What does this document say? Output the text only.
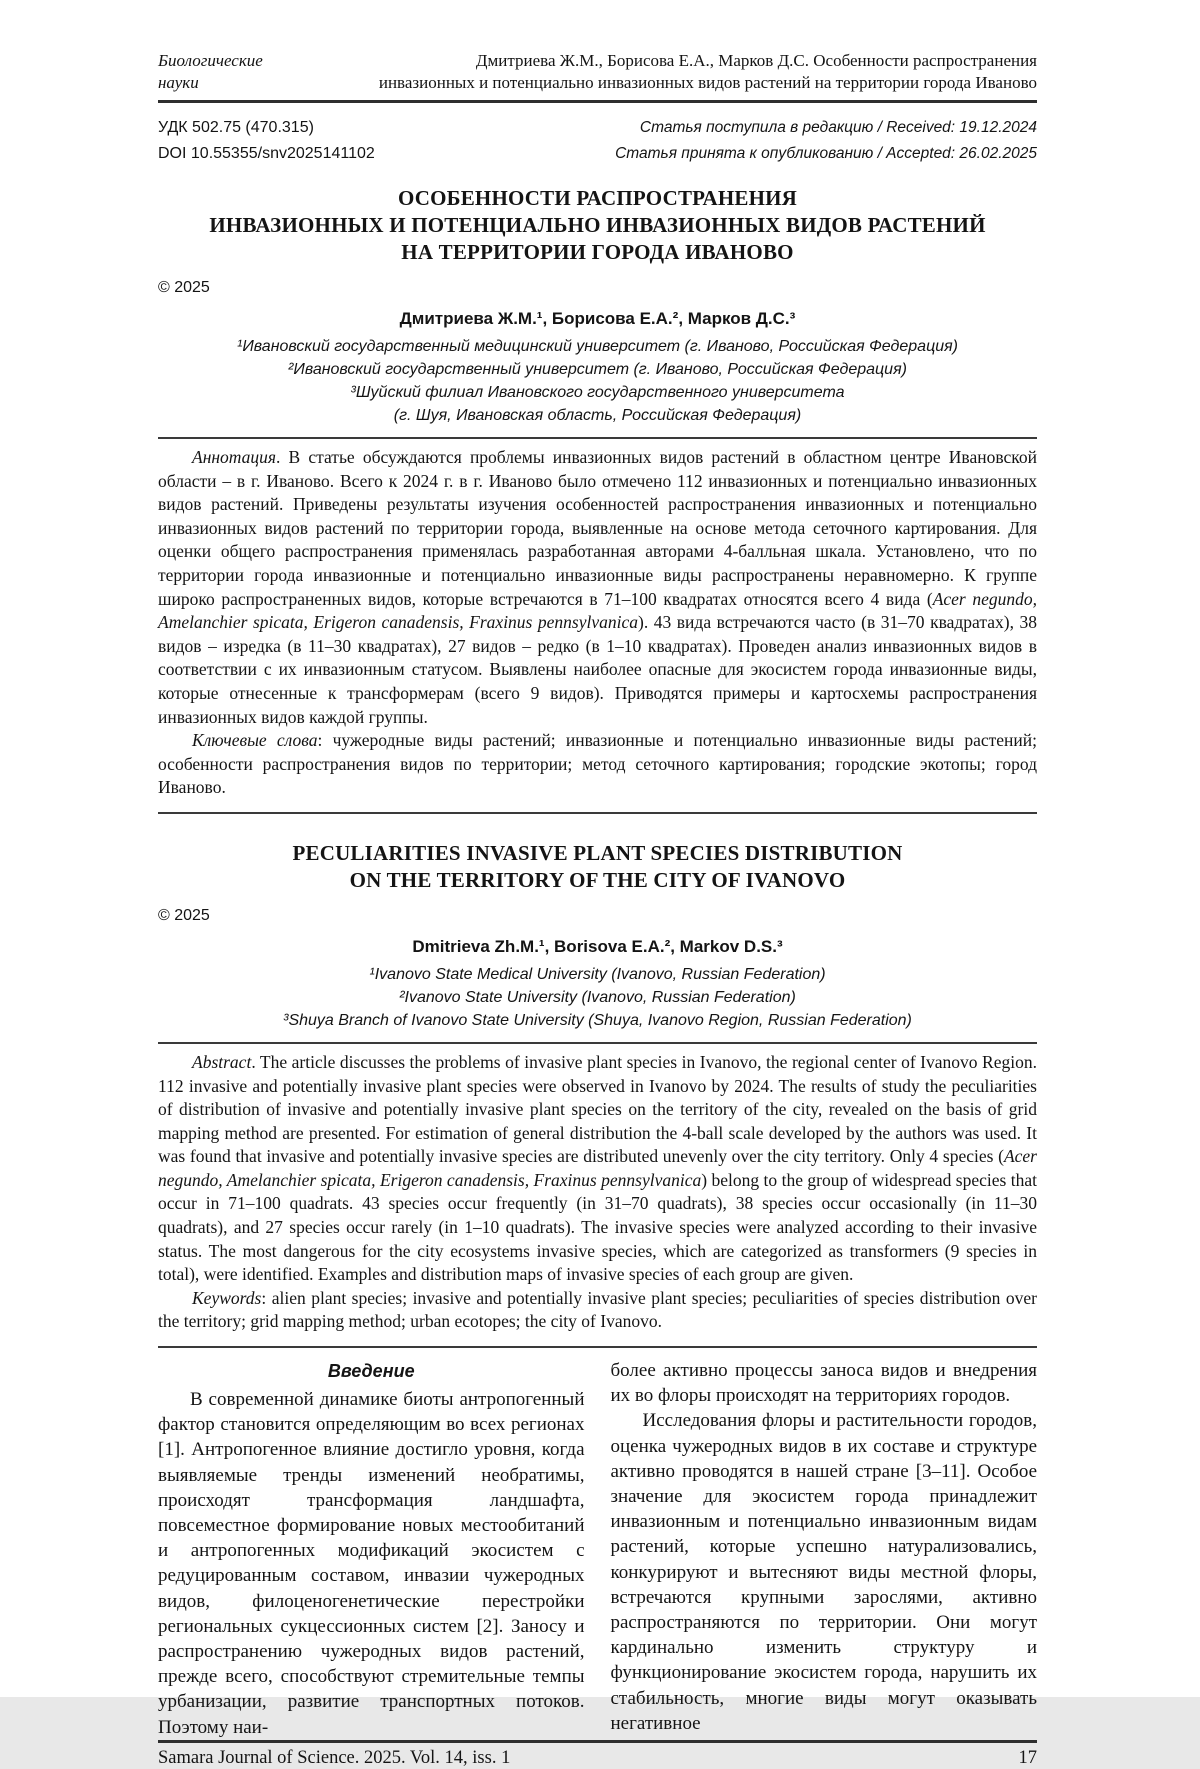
Биологические
науки
Дмитриева Ж.М., Борисова Е.А., Марков Д.С. Особенности распространения
инвазионных и потенциально инвазионных видов растений на территории города Иваново
УДК 502.75 (470.315)	Статья поступила в редакцию / Received: 19.12.2024
DOI 10.55355/snv2025141102	Статья принята к опубликованию / Accepted: 26.02.2025
ОСОБЕННОСТИ РАСПРОСТРАНЕНИЯ
ИНВАЗИОННЫХ И ПОТЕНЦИАЛЬНО ИНВАЗИОННЫХ ВИДОВ РАСТЕНИЙ
НА ТЕРРИТОРИИ ГОРОДА ИВАНОВО
© 2025
Дмитриева Ж.М.¹, Борисова Е.А.², Марков Д.С.³
¹Ивановский государственный медицинский университет (г. Иваново, Российская Федерация)
²Ивановский государственный университет (г. Иваново, Российская Федерация)
³Шуйский филиал Ивановского государственного университета
(г. Шуя, Ивановская область, Российская Федерация)

Аннотация. В статье обсуждаются проблемы инвазионных видов растений в областном центре Ивановской области – в г. Иваново. Всего к 2024 г. в г. Иваново было отмечено 112 инвазионных и потенциально инвазионных видов растений. Приведены результаты изучения особенностей распространения инвазионных и потенциально инвазионных видов растений по территории города, выявленные на основе метода сеточного картирования. Для оценки общего распространения применялась разработанная авторами 4-балльная шкала. Установлено, что по территории города инвазионные и потенциально инвазионные виды распространены неравномерно. К группе широко распространенных видов, которые встречаются в 71–100 квадратах относятся всего 4 вида (Acer negundo, Amelanchier spicata, Erigeron canadensis, Fraxinus pennsylvanica). 43 вида встречаются часто (в 31–70 квадратах), 38 видов – изредка (в 11–30 квадратах), 27 видов – редко (в 1–10 квадратах). Проведен анализ инвазионных видов в соответствии с их инвазионным статусом. Выявлены наиболее опасные для экосистем города инвазионные виды, которые отнесенные к трансформерам (всего 9 видов). Приводятся примеры и картосхемы распространения инвазионных видов каждой группы.

Ключевые слова: чужеродные виды растений; инвазионные и потенциально инвазионные виды растений; особенности распространения видов по территории; метод сеточного картирования; городские экотопы; город Иваново.

PECULIARITIES INVASIVE PLANT SPECIES DISTRIBUTION
ON THE TERRITORY OF THE CITY OF IVANOVO
© 2025
Dmitrieva Zh.M.¹, Borisova E.A.², Markov D.S.³
¹Ivanovo State Medical University (Ivanovo, Russian Federation)
²Ivanovo State University (Ivanovo, Russian Federation)
³Shuya Branch of Ivanovo State University (Shuya, Ivanovo Region, Russian Federation)

Abstract. The article discusses the problems of invasive plant species in Ivanovo, the regional center of Ivanovo Region. 112 invasive and potentially invasive plant species were observed in Ivanovo by 2024. The results of study the peculiarities of distribution of invasive and potentially invasive plant species on the territory of the city, revealed on the basis of grid mapping method are presented. For estimation of general distribution the 4-ball scale developed by the authors was used. It was found that invasive and potentially invasive species are distributed unevenly over the city territory. Only 4 species (Acer negundo, Amelanchier spicata, Erigeron canadensis, Fraxinus pennsylvanica) belong to the group of widespread species that occur in 71–100 quadrats. 43 species occur frequently (in 31–70 quadrats), 38 species occur occasionally (in 11–30 quadrats), and 27 species occur rarely (in 1–10 quadrats). The invasive species were analyzed according to their invasive status. The most dangerous for the city ecosystems invasive species, which are categorized as transformers (9 species in total), were identified. Examples and distribution maps of invasive species of each group are given.

Keywords: alien plant species; invasive and potentially invasive plant species; peculiarities of species distribution over the territory; grid mapping method; urban ecotopes; the city of Ivanovo.

Введение

В современной динамике биоты антропогенный фактор становится определяющим во всех регионах [1]. Антропогенное влияние достигло уровня, когда выявляемые тренды изменений необратимы, происходят трансформация ландшафта, повсеместное формирование новых местообитаний и антропогенных модификаций экосистем с редуцированным составом, инвазии чужеродных видов, филоценогенетические перестройки региональных сукцессионных систем [2]. Заносу и распространению чужеродных видов растений, прежде всего, способствуют стремительные темпы урбанизации, развитие транспортных потоков. Поэтому наи-

более активно процессы заноса видов и внедрения их во флоры происходят на территориях городов.

Исследования флоры и растительности городов, оценка чужеродных видов в их составе и структуре активно проводятся в нашей стране [3–11]. Особое значение для экосистем города принадлежит инвазионным и потенциально инвазионным видам растений, которые успешно натурализовались, конкурируют и вытесняют виды местной флоры, встречаются крупными зарослями, активно распространяются по территории. Они могут кардинально изменить структуру и функционирование экосистем города, нарушить их стабильность, многие виды могут оказывать негативное

Samara Journal of Science. 2025. Vol. 14, iss. 1	17
